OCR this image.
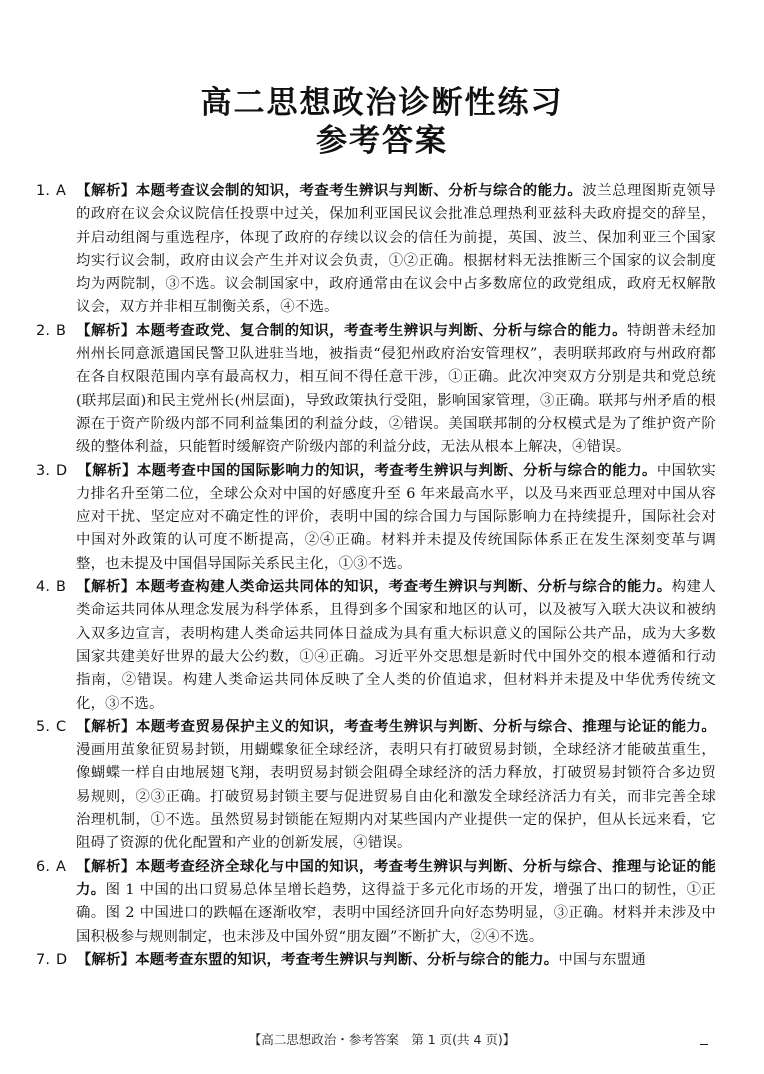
高二思想政治诊断性练习
参考答案

1. A 【解析】本题考查议会制的知识，考查考生辨识与判断、分析与综合的能力。波兰总理图斯克领导的政府在议会众议院信任投票中过关，保加利亚国民议会批准总理热利亚兹科夫政府提交的辞呈，并启动组阁与重选程序，体现了政府的存续以议会的信任为前提，英国、波兰、保加利亚三个国家均实行议会制，政府由议会产生并对议会负责，①②正确。根据材料无法推断三个国家的议会制度均为两院制，③不选。议会制国家中，政府通常由在议会中占多数席位的政党组成，政府无权解散议会，双方并非相互制衡关系，④不选。

2. B 【解析】本题考查政党、复合制的知识，考查考生辨识与判断、分析与综合的能力。特朗普未经加州州长同意派遣国民警卫队进驻当地，被指责“侵犯州政府治安管理权”，表明联邦政府与州政府都在各自权限范围内享有最高权力，相互间不得任意干涉，①正确。此次冲突双方分别是共和党总统(联邦层面)和民主党州长(州层面)，导致政策执行受阻，影响国家管理，③正确。联邦与州矛盾的根源在于资产阶级内部不同利益集团的利益分歧，②错误。美国联邦制的分权模式是为了维护资产阶级的整体利益，只能暂时缓解资产阶级内部的利益分歧，无法从根本上解决，④错误。

3. D 【解析】本题考查中国的国际影响力的知识，考查考生辨识与判断、分析与综合的能力。中国软实力排名升至第二位，全球公众对中国的好感度升至 6 年来最高水平，以及马来西亚总理对中国从容应对干扰、坚定应对不确定性的评价，表明中国的综合国力与国际影响力在持续提升，国际社会对中国对外政策的认可度不断提高，②④正确。材料并未提及传统国际体系正在发生深刻变革与调整，也未提及中国倡导国际关系民主化，①③不选。

4. B 【解析】本题考查构建人类命运共同体的知识，考查考生辨识与判断、分析与综合的能力。构建人类命运共同体从理念发展为科学体系，且得到多个国家和地区的认可，以及被写入联大决议和被纳入双多边宣言，表明构建人类命运共同体日益成为具有重大标识意义的国际公共产品，成为大多数国家共建美好世界的最大公约数，①④正确。习近平外交思想是新时代中国外交的根本遵循和行动指南，②错误。构建人类命运共同体反映了全人类的价值追求，但材料并未提及中华优秀传统文化，③不选。

5. C 【解析】本题考查贸易保护主义的知识，考查考生辨识与判断、分析与综合、推理与论证的能力。漫画用茧象征贸易封锁，用蝴蝶象征全球经济，表明只有打破贸易封锁，全球经济才能破茧重生，像蝴蝶一样自由地展翅飞翔，表明贸易封锁会阻碍全球经济的活力释放，打破贸易封锁符合多边贸易规则，②③正确。打破贸易封锁主要与促进贸易自由化和激发全球经济活力有关，而非完善全球治理机制，①不选。虽然贸易封锁能在短期内对某些国内产业提供一定的保护，但从长远来看，它阻碍了资源的优化配置和产业的创新发展，④错误。

6. A 【解析】本题考查经济全球化与中国的知识，考查考生辨识与判断、分析与综合、推理与论证的能力。图 1 中国的出口贸易总体呈增长趋势，这得益于多元化市场的开发，增强了出口的韧性，①正确。图 2 中国进口的跌幅在逐渐收窄，表明中国经济回升向好态势明显，③正确。材料并未涉及中国积极参与规则制定，也未涉及中国外贸“朋友圈”不断扩大，②④不选。

7. D 【解析】本题考查东盟的知识，考查考生辨识与判断、分析与综合的能力。中国与东盟通

【高二思想政治・参考答案　第 1 页(共 4 页)】
